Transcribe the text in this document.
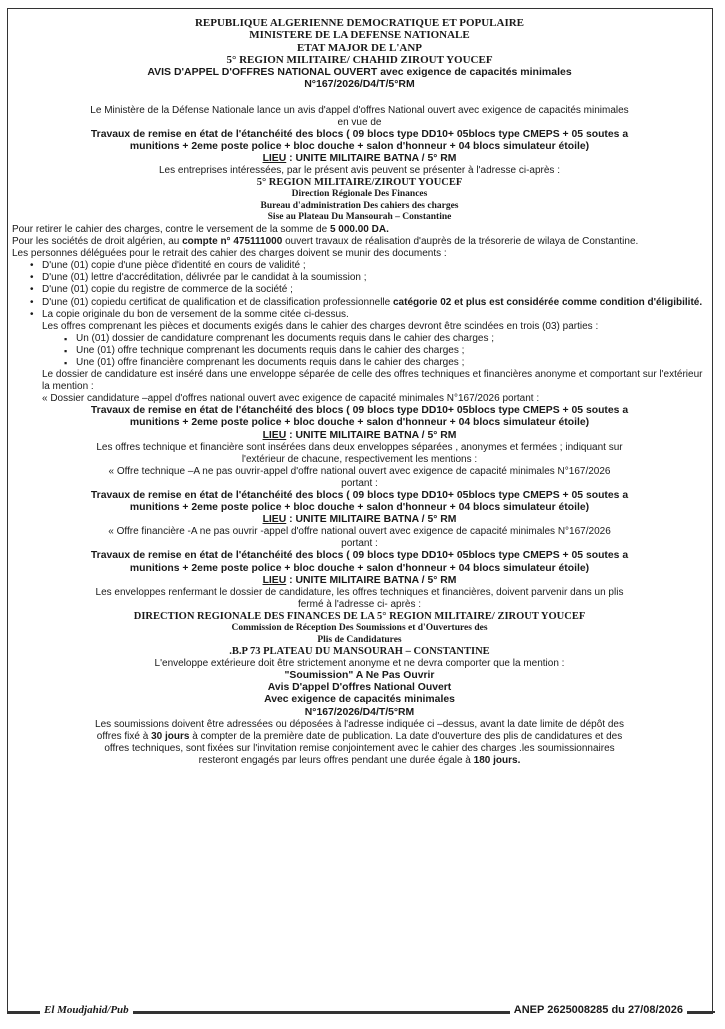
REPUBLIQUE ALGERIENNE DEMOCRATIQUE ET POPULAIRE
MINISTERE DE LA DEFENSE NATIONALE
ETAT MAJOR DE L'ANP
5° REGION MILITAIRE/ CHAHID ZIROUT YOUCEF
AVIS D'APPEL D'OFFRES NATIONAL OUVERT avec exigence de capacités minimales
N°167/2026/D4/T/5°RM
Le Ministère de la Défense Nationale lance un avis d'appel d'offres National ouvert avec exigence de capacités minimales
en vue de
Travaux de remise en état de l'étanchéité des blocs ( 09 blocs type DD10+ 05blocs type CMEPS + 05 soutes a
munitions + 2eme poste police + bloc douche + salon d'honneur + 04 blocs simulateur étoile)
LIEU : UNITE MILITAIRE BATNA / 5° RM
Les entreprises intéressées, par le présent avis peuvent se présenter à l'adresse ci-après :
5° REGION MILITAIRE/ZIROUT YOUCEF
Direction Régionale Des Finances
Bureau d'administration Des cahiers des charges
Sise au Plateau Du Mansourah – Constantine
Pour retirer le cahier des charges, contre le versement de la somme de 5 000.00 DA.
Pour les sociétés de droit algérien, au compte n° 475111000 ouvert travaux de réalisation d'auprès de la trésorerie de wilaya de Constantine.
Les personnes déléguées pour le retrait des cahier des charges doivent se munir des documents :
• D'une (01) copie d'une pièce d'identité en cours de validité ;
• D'une (01) lettre d'accréditation, délivrée par le candidat à la soumission ;
• D'une (01) copie du registre de commerce de la société ;
• D'une (01) copiedu certificat de qualification et de classification professionnelle catégorie 02 et plus est considérée comme condition d'éligibilité.
• La copie originale du bon de versement de la somme citée ci-dessus.
Les offres comprenant les pièces et documents exigés dans le cahier des charges devront être scindées en trois (03) parties :
▪ Un (01) dossier de candidature comprenant les documents requis dans le cahier des charges ;
▪ Une (01) offre technique comprenant les documents requis dans le cahier des charges ;
▪ Une (01) offre financière comprenant les documents requis dans le cahier des charges ;
Le dossier de candidature est inséré dans une enveloppe séparée de celle des offres techniques et financières anonyme et comportant sur l'extérieur la mention :
« Dossier candidature –appel d'offres national ouvert avec exigence de capacité minimales N°167/2026 portant :
Travaux de remise en état de l'étanchéité des blocs ( 09 blocs type DD10+ 05blocs type CMEPS + 05 soutes a
munitions + 2eme poste police + bloc douche + salon d'honneur + 04 blocs simulateur étoile)
LIEU : UNITE MILITAIRE BATNA / 5° RM
Les offres technique et financière sont insérées dans deux enveloppes séparées , anonymes et fermées ; indiquant sur
l'extérieur de chacune, respectivement les mentions :
« Offre technique –A ne pas ouvrir-appel d'offre national ouvert avec exigence de capacité minimales N°167/2026
portant :
Travaux de remise en état de l'étanchéité des blocs ( 09 blocs type DD10+ 05blocs type CMEPS + 05 soutes a
munitions + 2eme poste police + bloc douche + salon d'honneur + 04 blocs simulateur étoile)
LIEU : UNITE MILITAIRE BATNA / 5° RM
« Offre financière -A ne pas ouvrir -appel d'offre national ouvert avec exigence de capacité minimales N°167/2026
portant :
Travaux de remise en état de l'étanchéité des blocs ( 09 blocs type DD10+ 05blocs type CMEPS + 05 soutes a
munitions + 2eme poste police + bloc douche + salon d'honneur + 04 blocs simulateur étoile)
LIEU : UNITE MILITAIRE BATNA / 5° RM
Les enveloppes renfermant le dossier de candidature, les offres techniques et financières, doivent parvenir dans un plis
fermé à l'adresse ci- après :
DIRECTION REGIONALE DES FINANCES DE LA 5° REGION MILITAIRE/ ZIROUT YOUCEF
Commission de Réception Des Soumissions et d'Ouvertures des
Plis de Candidatures
.B.P 73 PLATEAU DU MANSOURAH – CONSTANTINE
L'enveloppe extérieure doit être strictement anonyme et ne devra comporter que la mention :
"Soumission" A Ne Pas Ouvrir
Avis D'appel D'offres National Ouvert
Avec exigence de capacités minimales
N°167/2026/D4/T/5°RM
Les soumissions doivent être adressées ou déposées à l'adresse indiquée ci –dessus, avant la date limite de dépôt des
offres fixé à 30 jours à compter de la première date de publication. La date d'ouverture des plis de candidatures et des
offres techniques, sont fixées sur l'invitation remise conjointement avec le cahier des charges .les soumissionnaires
resteront engagés par leurs offres pendant une durée égale à 180 jours.
El Moudjahid/Pub	ANEP 2625008285 du 27/08/2026
